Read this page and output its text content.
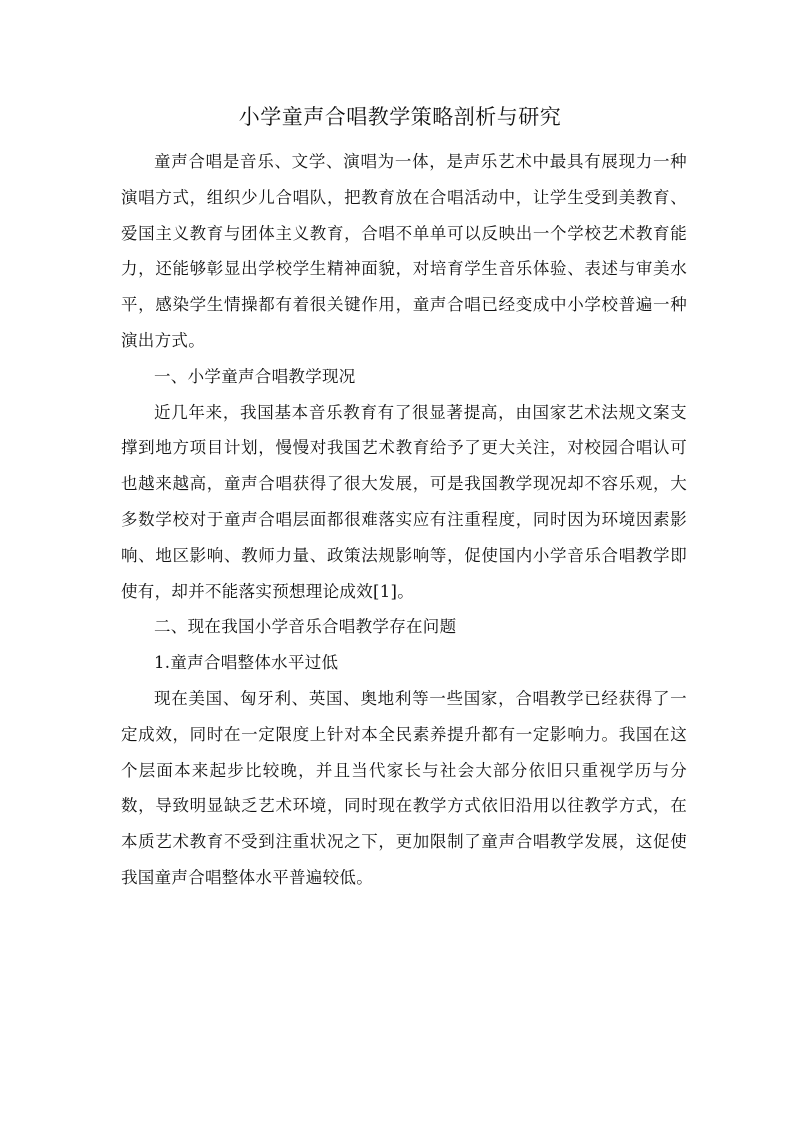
小学童声合唱教学策略剖析与研究

童声合唱是音乐、文学、演唱为一体，是声乐艺术中最具有展现力一种演唱方式，组织少儿合唱队，把教育放在合唱活动中，让学生受到美教育、爱国主义教育与团体主义教育，合唱不单单可以反映出一个学校艺术教育能力，还能够彰显出学校学生精神面貌，对培育学生音乐体验、表述与审美水平，感染学生情操都有着很关键作用，童声合唱已经变成中小学校普遍一种演出方式。

一、小学童声合唱教学现况

近几年来，我国基本音乐教育有了很显著提高，由国家艺术法规文案支撑到地方项目计划，慢慢对我国艺术教育给予了更大关注，对校园合唱认可也越来越高，童声合唱获得了很大发展，可是我国教学现况却不容乐观，大多数学校对于童声合唱层面都很难落实应有注重程度，同时因为环境因素影响、地区影响、教师力量、政策法规影响等，促使国内小学音乐合唱教学即使有，却并不能落实预想理论成效[1]。

二、现在我国小学音乐合唱教学存在问题

1.童声合唱整体水平过低

现在美国、匈牙利、英国、奥地利等一些国家，合唱教学已经获得了一定成效，同时在一定限度上针对本全民素养提升都有一定影响力。我国在这个层面本来起步比较晚，并且当代家长与社会大部分依旧只重视学历与分数，导致明显缺乏艺术环境，同时现在教学方式依旧沿用以往教学方式，在本质艺术教育不受到注重状况之下，更加限制了童声合唱教学发展，这促使我国童声合唱整体水平普遍较低。
